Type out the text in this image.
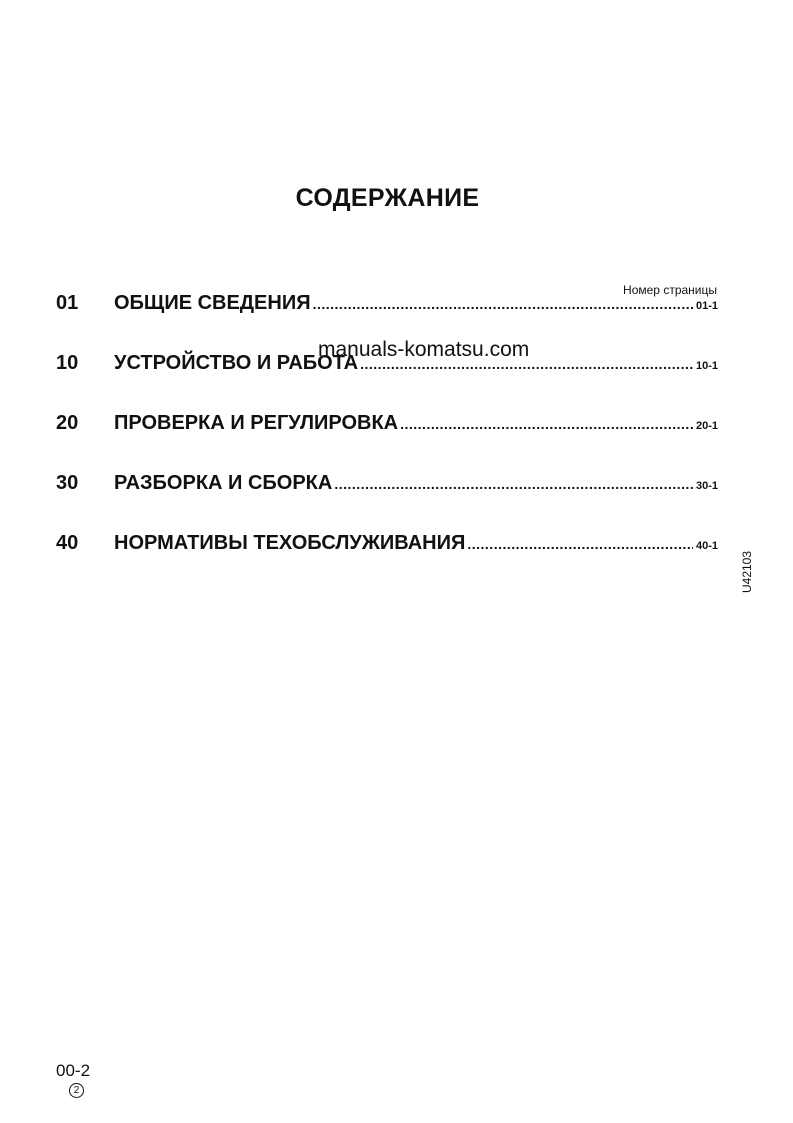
СОДЕРЖАНИЕ
Номер страницы
01	ОБЩИЕ СВЕДЕНИЯ .....	01-1
10	УСТРОЙСТВО И РАБОТА .....	10-1
20	ПРОВЕРКА И РЕГУЛИРОВКА .....	20-1
30	РАЗБОРКА И СБОРКА .....	30-1
40	НОРМАТИВЫ ТЕХОБСЛУЖИВАНИЯ .....	40-1
manuals-komatsu.com
U42103
00-2
2
